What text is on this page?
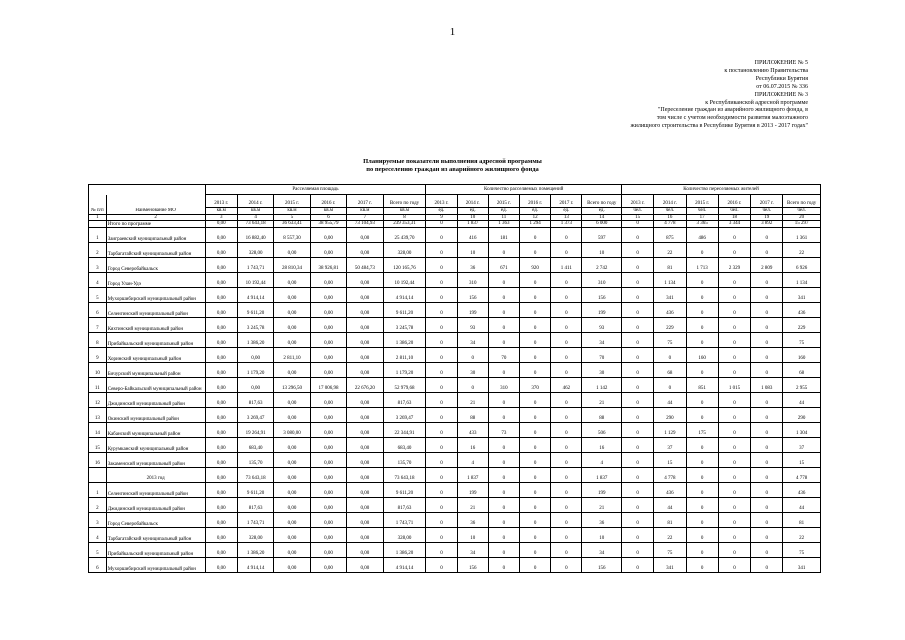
1
ПРИЛОЖЕНИЕ № 5
к постановлению Правительства
Республики Бурятия
от 06.07.2015 № 336
ПРИЛОЖЕНИЕ № 3
к Республиканской адресной программе
"Переселение граждан из аварийного жилищного фонда, в
том числе с учетом необходимости развития малоэтажного
жилищного строительства в Республике Бурятия в 2013 - 2017 годах"
Планируемые показатели выполнения адресной программы
по переселению граждан из аварийного жилищного фонда
		Расселяемая площадь						Количество расселяемых помещений						Количество переселяемых жителей					
		2013 г.	2014 г.	2015 г.	2016 г.	2017 г.	Всего по году	2013 г.	2014 г.	2015 г.	2016 г.	2017 г.	Всего по году	2013 г.	2014 г.	2015 г.	2016 г.	2017 г.	Всего по году
№ п/п	Наименование МО	кв.м	кв.м	кв.м	кв.м	кв.м	кв.м	ед.	ед.	ед.	ед.	ед.	ед.	чел.	чел.	чел.	чел.	чел.	чел.
1	2	3	4	5	6	7	8	9	10	11	12	13	14	15	16	17	18	19	20
	Итого по программе	0,00	73 643,18	36 633,41	38 955,79	73 104,93	239 353,31	0	1 837	1 363	1 294	1 373	6 000	0	4 778	3 365	3 344	3 892	15 297
1	Заиграевский муниципальный район	0,00	16 882,40	8 557,30	0,00	0,00	25 439,70	0	416	181	0	0	597	0	875	486	0	0	1 361
2	Тарбагатайский муниципальный район	0,00	328,00	0,00	0,00	0,00	328,00	0	10	0	0	0	10	0	22	0	0	0	22
3	Город Северобайкальск	0,00	1 743,71	28 810,34	38 926,81	50 484,73	120 165,76	0	36	671	920	1 411	2 742	0	81	1 713	2 329	2 809	6 926
4	Город Улан-Удэ	0,00	10 192,44	0,00	0,00	0,00	10 192,44	0	310	0	0	0	310	0	1 134	0	0	0	1 134
5	Мухоршибирский муниципальный район	0,00	4 914,14	0,00	0,00	0,00	4 914,14	0	156	0	0	0	156	0	341	0	0	0	341
6	Селенгинский муниципальный район	0,00	9 611,20	0,00	0,00	0,00	9 611,20	0	199	0	0	0	199	0	436	0	0	0	436
7	Кяхтинский муниципальный район	0,00	3 245,78	0,00	0,00	0,00	3 245,78	0	93	0	0	0	93	0	229	0	0	0	229
8	Прибайкальский муниципальный район	0,00	1 386,20	0,00	0,00	0,00	1 386,20	0	34	0	0	0	34	0	75	0	0	0	75
9	Хоринский муниципальный район	0,00	0,00	2 811,10	0,00	0,00	2 811,10	0	0	70	0	0	70	0	0	160	0	0	160
10	Бичурский муниципальный район	0,00	1 179,20	0,00	0,00	0,00	1 179,20	0	30	0	0	0	30	0	68	0	0	0	68
11	Северо-Байкальский муниципальный район	0,00	0,00	13 296,50	17 006,98	22 676,20	52 979,68	0	0	310	370	462	1 142	0	0	851	1 015	1 083	2 955
12	Джидинский муниципальный район	0,00	817,63	0,00	0,00	0,00	817,63	0	21	0	0	0	21	0	44	0	0	0	44
13	Окинский муниципальный район	0,00	3 269,47	0,00	0,00	0,00	3 269,47	0	88	0	0	0	88	0	290	0	0	0	290
14	Кабанский муниципальный район	0,00	19 264,91	3 080,00	0,00	0,00	22 344,91	0	433	73	0	0	506	0	1 129	175	0	0	1 304
15	Курумканский муниципальный район	0,00	683,40	0,00	0,00	0,00	683,40	0	16	0	0	0	16	0	37	0	0	0	37
16	Закаменский муниципальный район	0,00	135,70	0,00	0,00	0,00	135,70	0	4	0	0	0	4	0	15	0	0	0	15
	2013 год	0,00	73 643,18	0,00	0,00	0,00	73 643,18	0	1 837	0	0	0	1 837	0	4 778	0	0	0	4 778
1	Селенгинский муниципальный район	0,00	9 611,20	0,00	0,00	0,00	9 611,20	0	199	0	0	0	199	0	436	0	0	0	436
2	Джидинский муниципальный район	0,00	817,63	0,00	0,00	0,00	817,63	0	21	0	0	0	21	0	44	0	0	0	44
3	Город Северобайкальск	0,00	1 743,71	0,00	0,00	0,00	1 743,71	0	36	0	0	0	36	0	81	0	0	0	81
4	Тарбагатайский муниципальный район	0,00	328,00	0,00	0,00	0,00	328,00	0	10	0	0	0	10	0	22	0	0	0	22
5	Прибайкальский муниципальный район	0,00	1 386,20	0,00	0,00	0,00	1 386,20	0	34	0	0	0	34	0	75	0	0	0	75
6	Мухоршибирский муниципальный район	0,00	4 914,14	0,00	0,00	0,00	4 914,14	0	156	0	0	0	156	0	341	0	0	0	341
